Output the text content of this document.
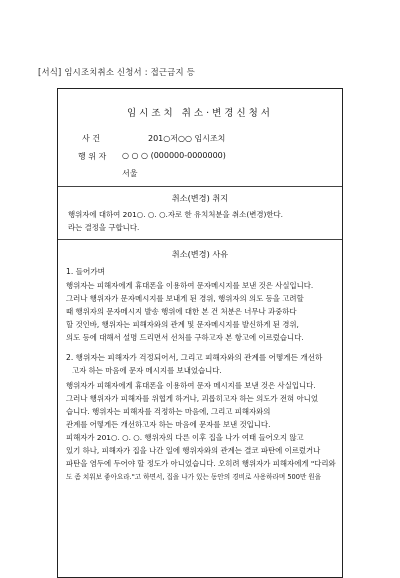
[서식] 임시조치취소 신청서 : 접근금지 등
임시조치 취소·변경신청서
사 건	201○저○○ 임시조치
행 위 자 ○ ○ ○ (000000-0000000)
서울
취소(변경) 취지
행위자에 대하여 201○. ○. ○.자로 한 유치처분을 취소(변경)한다.
라는 결정을 구합니다.
취소(변경) 사유
1. 들어가며
행위자는 피해자에게 휴대폰을 이용하여 문자메시지를 보낸 것은 사실입니다.
그러나 행위자가 문자메시지를 보내게 된 경위, 행위자의 의도 등을 고려할
때 행위자의 문자메시지 발송 행위에 대한 본 건 처분은 너무나 과중하다
할 것인바, 행위자는 피해자와의 관계 및 문자메시지를 발신하게 된 경위,
의도 등에 대해서 설명 드리면서 선처를 구하고자 본 항고에 이르렀습니다.
2. 행위자는 피해자가 걱정되어서, 그리고 피해자와의 관계를 어떻게든 개선하
고자 하는 마음에 문자 메시지를 보내었습니다.
행위자가 피해자에게 휴대폰을 이용하여 문자 메시지를 보낸 것은 사실입니다.
그러나 행위자가 피해자를 위협게 하거나, 괴롭히고자 하는 의도가 전혀 아니었
습니다. 행위자는 피해자를 걱정하는 마음에, 그리고 피해자와의
관계를 어떻게든 개선하고자 하는 마음에 문자를 보낸 것입니다.
피해자가 201○. ○. ○. 행위자의 다른 이후 집을 나가 여태 들어오지 않고
있기 하나, 피해자가 집을 나간 일에 행위자와의 관계는 결코 파탄에 이르렀거나
파탄을 염두에 두어야 할 정도가 아니었습니다. 오히려 행위자가 피해자에게 "다리와
도 좀 치워보 좋아요라."고 하면서, 집을 나가 있는 동안의 경비로 사용하라며 500만 원을
